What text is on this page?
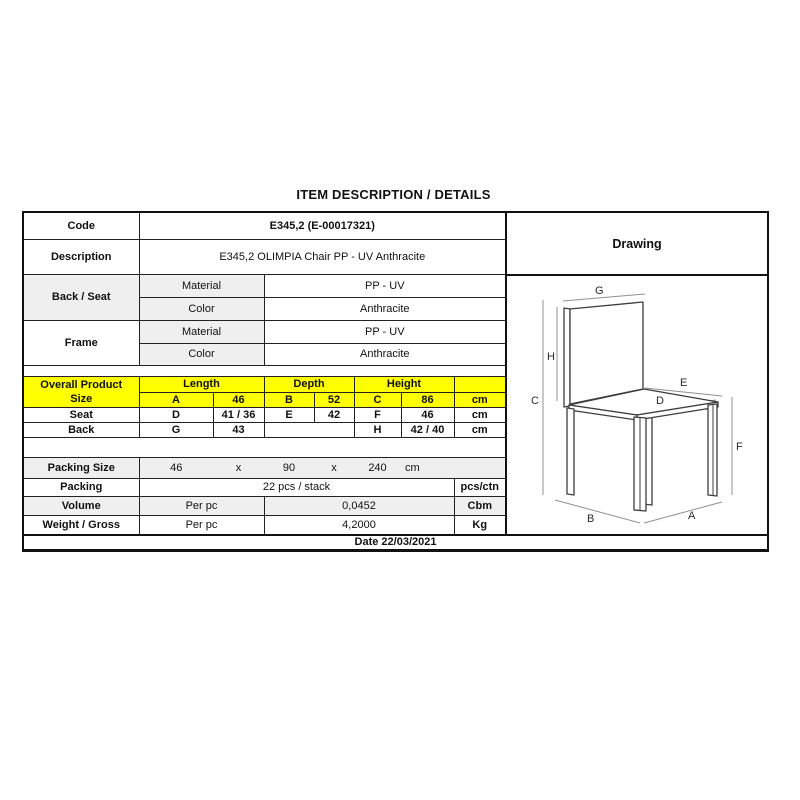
ITEM DESCRIPTION / DETAILS
Code	E345,2 (E-00017321)						
Description	E345,2 OLIMPIA Chair PP - UV Anthracite						
Back / Seat	Material		PP - UV				
	Color		Anthracite				
Frame	Material		PP - UV				
	Color		Anthracite				

Overall Product
Size	Length		Depth		Height		
	A	46	B	52	C	86	cm
Seat	D	41 / 36	E	42	F	46	cm
Back	G	43			H	42 / 40	cm

Packing Size	46	x	90	x	240	cm	
Packing	22 pcs / stack						pcs/ctn
Volume	Per pc		0,0452				Cbm
Weight / Gross	Per pc		4,2000				Kg
Drawing
G
H
C
E
D
F
B	A
Date 22/03/2021
